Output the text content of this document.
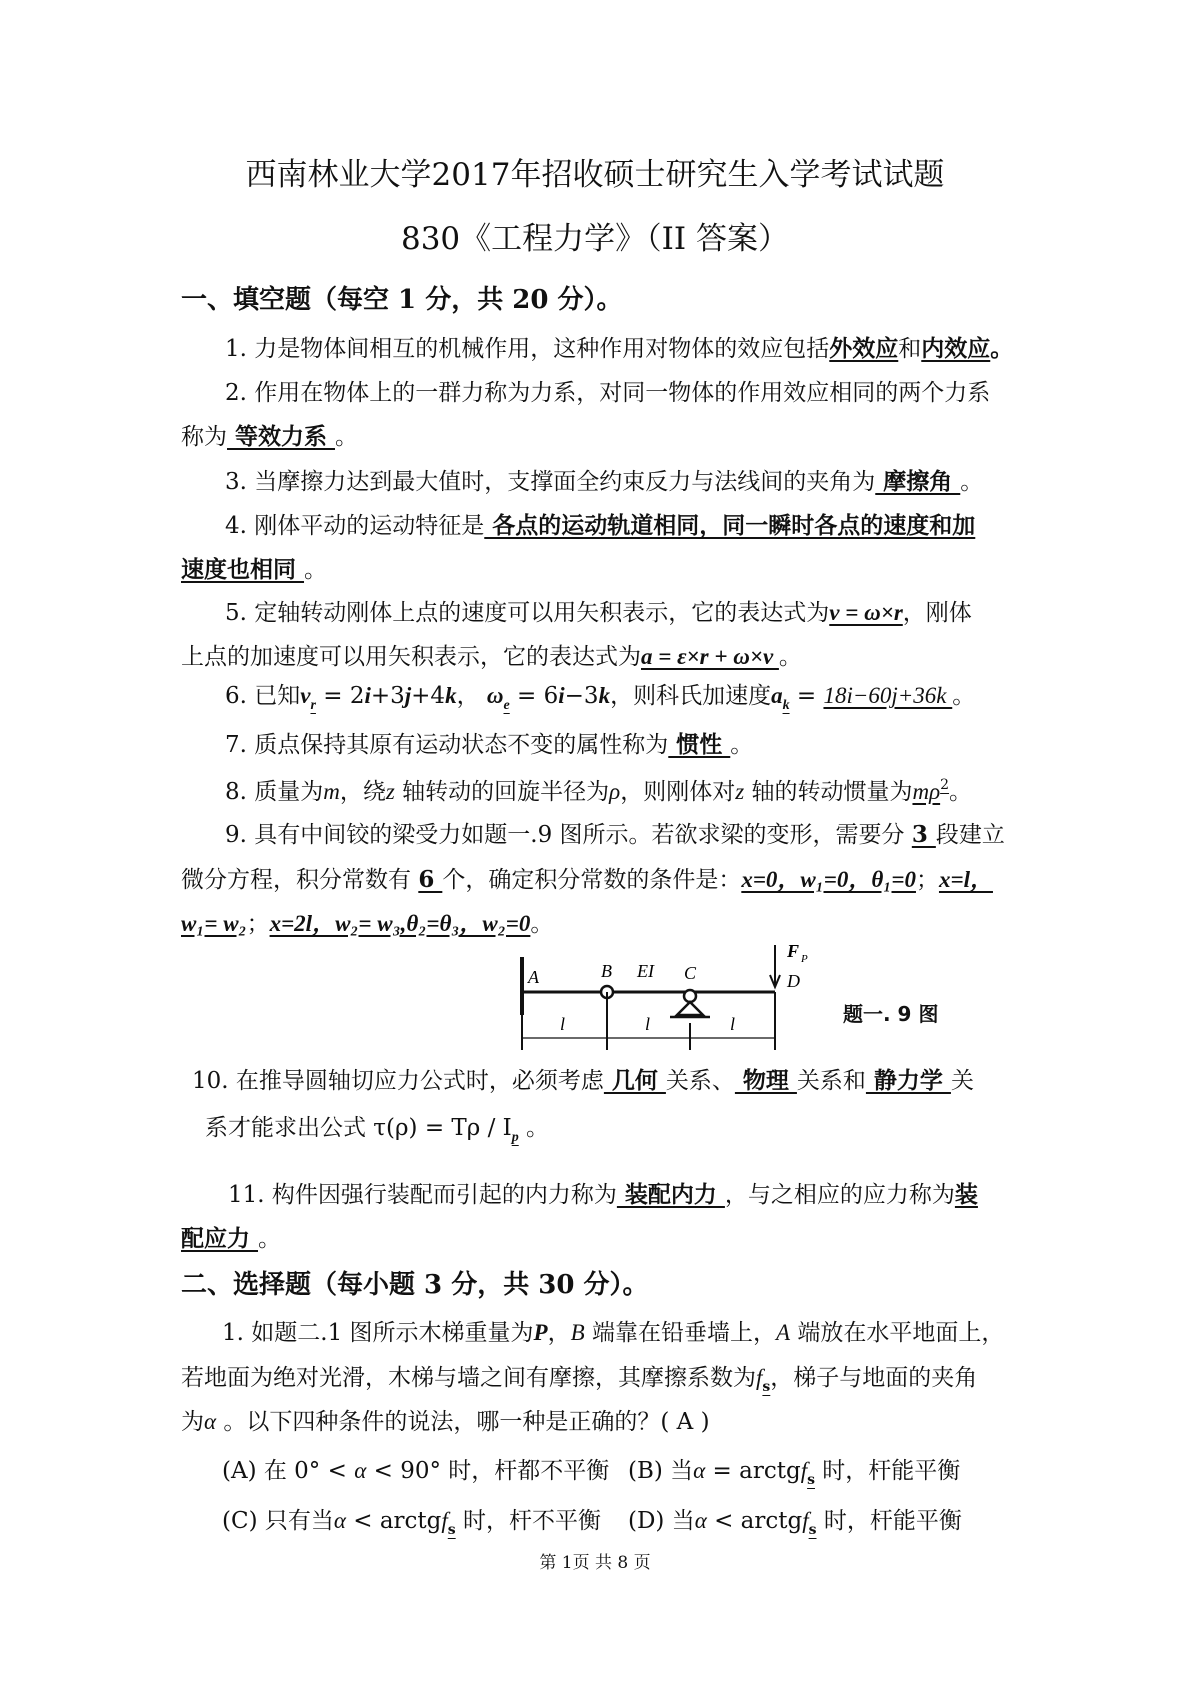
西南林业大学2017年招收硕士研究生入学考试试题
830《工程力学》（II 答案）
一、填空题（每空 1 分，共 20 分）。
1. 力是物体间相互的机械作用，这种作用对物体的效应包括外效应和内效应。
2. 作用在物体上的一群力称为力系，对同一物体的作用效应相同的两个力系
称为 等效力系 。
3. 当摩擦力达到最大值时，支撑面全约束反力与法线间的夹角为 摩擦角 。
4. 刚体平动的运动特征是 各点的运动轨道相同，同一瞬时各点的速度和加
速度也相同 。
5. 定轴转动刚体上点的速度可以用矢积表示，它的表达式为v = ω×r，刚体
上点的加速度可以用矢积表示，它的表达式为a = ε×r + ω×v 。
6. 已知$v_r = 2i+3j+4k$， $\omega_e = 6i-3k$，则科氏加速度$a_k = 18i-60j+36k$ 。
7. 质点保持其原有运动状态不变的属性称为 惯性 。
8. 质量为m，绕z 轴转动的回旋半径为ρ，则刚体对z 轴的转动惯量为$m\rho^2$。
9. 具有中间铰的梁受力如题一.9 图所示。若欲求梁的变形，需要分 3 段建立
微分方程，积分常数有 6 个，确定积分常数的条件是：x=0，w₁=0，θ₁=0；x=l，
w₁= w₂；x=2l，w₂= w₃,θ₂=θ₃，w₂=0。
10. 在推导圆轴切应力公式时，必须考虑 几何 关系、 物理 关系和 静力学 关
系才能求出公式 $\tau(\rho) = T\rho / I_p$ 。
11. 构件因强行装配而引起的内力称为 装配内力 ，与之相应的应力称为装
配应力 。
二、选择题（每小题 3 分，共 30 分）。
1. 如题二.1 图所示木梯重量为P，B 端靠在铅垂墙上，A 端放在水平地面上，
若地面为绝对光滑，木梯与墙之间有摩擦，其摩擦系数为$f_s$，梯子与地面的夹角
为α 。以下四种条件的说法，哪一种是正确的？( A )
(A) 在 0° < α < 90° 时，杆都不平衡 (B) 当α = arctgf$_s$ 时，杆能平衡
(C) 只有当α < arctgf$_s$ 时，杆不平衡 (D) 当α < arctgf$_s$ 时，杆能平衡
A	B EI C	D
F P
l	l	l	题一. 9 图
第 1页 共 8 页
